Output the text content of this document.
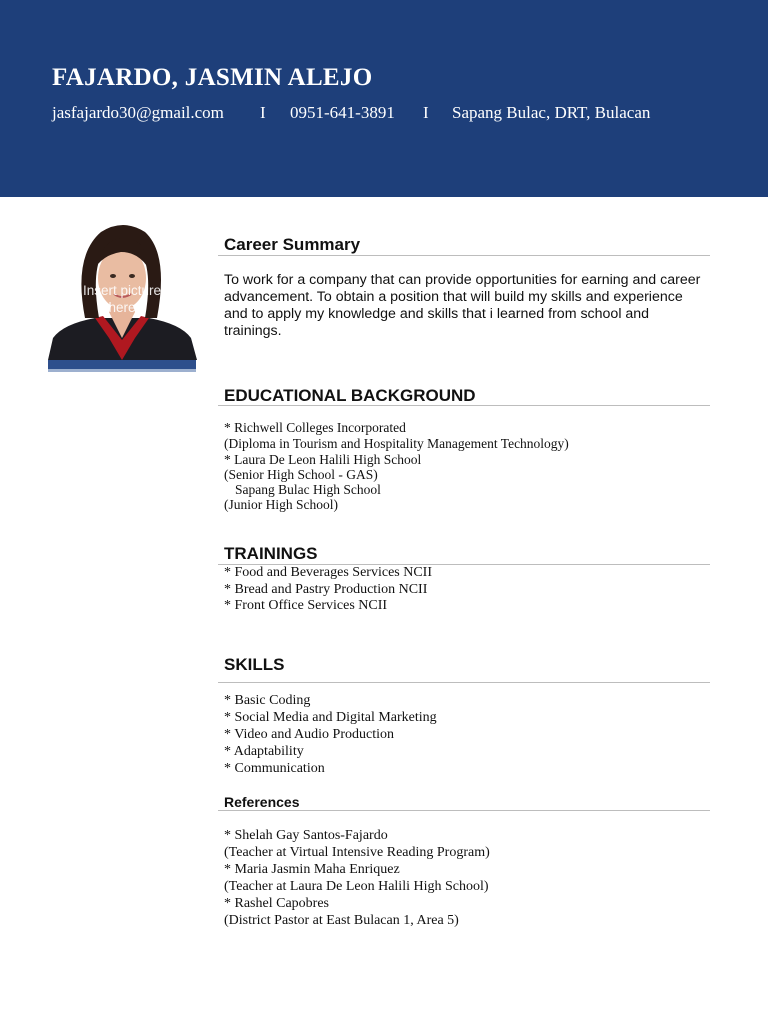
FAJARDO, JASMIN ALEJO
jasfajardo30@gmail.com I 0951-641-3891 I Sapang Bulac, DRT, Bulacan
Insert picture here
Career Summary

To work for a company that can provide opportunities for earning and career advancement. To obtain a position that will build my skills and experience and to apply my knowledge and skills that i learned from school and trainings.

EDUCATIONAL BACKGROUND
* Richwell Colleges Incorporated
(Diploma in Tourism and Hospitality Management Technology)
* Laura De Leon Halili High School
(Senior High School - GAS)
Sapang Bulac High School
(Junior High School)
TRAININGS
* Food and Beverages Services NCII
* Bread and Pastry Production NCII
* Front Office Services NCII
SKILLS
* Basic Coding
* Social Media and Digital Marketing
* Video and Audio Production
* Adaptability
* Communication
References
* Shelah Gay Santos-Fajardo
(Teacher at Virtual Intensive Reading Program)
* Maria Jasmin Maha Enriquez
(Teacher at Laura De Leon Halili High School)
* Rashel Capobres
(District Pastor at East Bulacan 1, Area 5)
